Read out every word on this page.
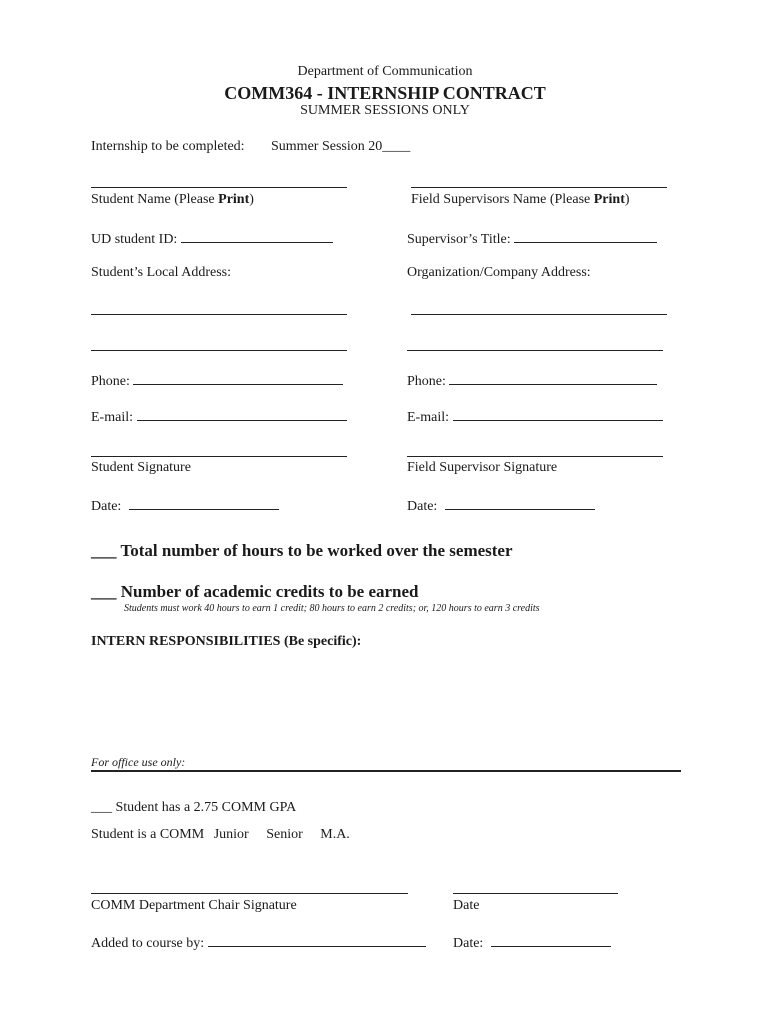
Department of Communication
COMM364 - INTERNSHIP CONTRACT
SUMMER SESSIONS ONLY
Internship to be completed: Summer Session 20____
Student Name (Please Print)	Field Supervisors Name (Please Print)
UD student ID:	Supervisor’s Title:
Student’s Local Address:	Organization/Company Address:
Phone:	Phone:
E-mail:	E-mail:
Student Signature	Field Supervisor Signature
Date:	Date:
___ Total number of hours to be worked over the semester
___ Number of academic credits to be earned
Students must work 40 hours to earn 1 credit; 80 hours to earn 2 credits; or, 120 hours to earn 3 credits
INTERN RESPONSIBILITIES (Be specific):
For office use only:
___ Student has a 2.75 COMM GPA
Student is a COMM Junior Senior M.A.
COMM Department Chair Signature	Date
Added to course by:	Date:
